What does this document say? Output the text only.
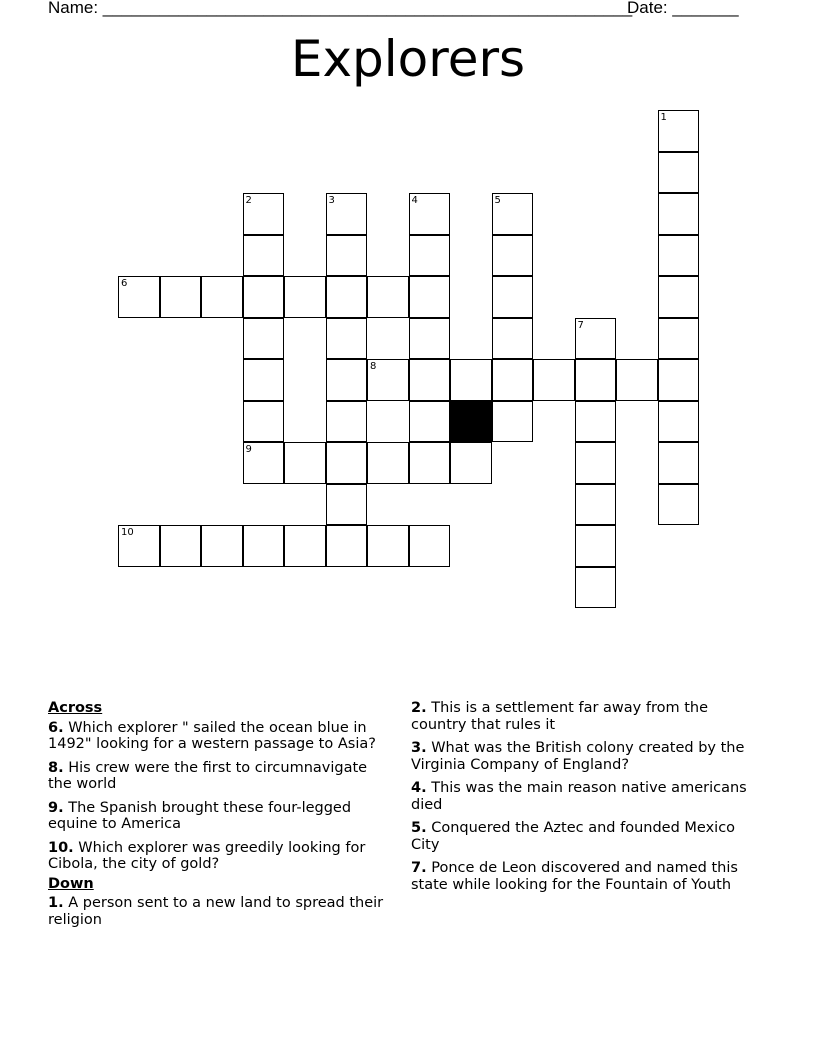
Name: ________________________________________________________
Date: _______
Explorers
1
2	3	4	5
6
7
8
9
10
Across
6. Which explorer " sailed the ocean blue in 1492" looking for a western passage to Asia?
8. His crew were the first to circumnavigate the world
9. The Spanish brought these four-legged equine to America
10. Which explorer was greedily looking for Cibola, the city of gold?
Down
1. A person sent to a new land to spread their religion
2. This is a settlement far away from the country that rules it
3. What was the British colony created by the Virginia Company of England?
4. This was the main reason native americans died
5. Conquered the Aztec and founded Mexico City
7. Ponce de Leon discovered and named this state while looking for the Fountain of Youth
